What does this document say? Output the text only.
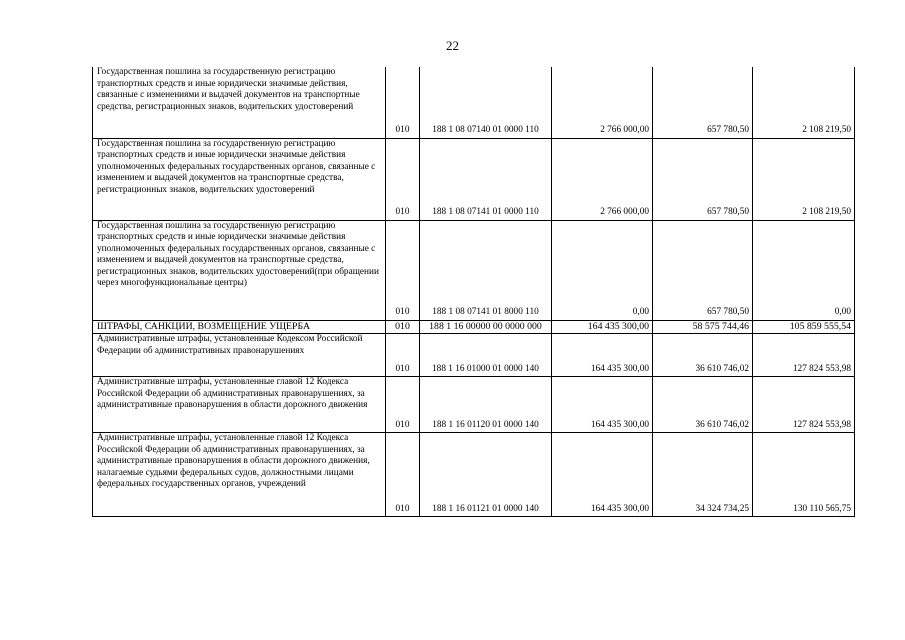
22
Государственная пошлина за государственную регистрацию транспортных средств и иные юридически значимые действия, связанные с изменениями и выдачей документов на транспортные средства, регистрационных знаков, водительских удостоверений	010	188 1 08 07140 01 0000 110	2 766 000,00	657 780,50	2 108 219,50
Государственная пошлина за государственную регистрацию транспортных средств и иные юридически значимые действия уполномоченных федеральных государственных органов, связанные с изменением и выдачей документов на транспортные средства, регистрационных знаков, водительских удостоверений	010	188 1 08 07141 01 0000 110	2 766 000,00	657 780,50	2 108 219,50
Государственная пошлина за государственную регистрацию транспортных средств и иные юридически значимые действия уполномоченных федеральных государственных органов, связанные с изменением и выдачей документов на транспортные средства, регистрационных знаков, водительских удостоверений(при обращении через многофункциональные центры)	010	188 1 08 07141 01 8000 110	0,00	657 780,50	0,00
ШТРАФЫ, САНКЦИИ, ВОЗМЕЩЕНИЕ УЩЕРБА	010	188 1 16 00000 00 0000 000	164 435 300,00	58 575 744,46	105 859 555,54
Административные штрафы, установленные Кодексом Российской Федерации об административных правонарушениях	010	188 1 16 01000 01 0000 140	164 435 300,00	36 610 746,02	127 824 553,98
Административные штрафы, установленные главой 12 Кодекса Российской Федерации об административных правонарушениях, за административные правонарушения в области дорожного движения	010	188 1 16 01120 01 0000 140	164 435 300,00	36 610 746,02	127 824 553,98
Административные штрафы, установленные главой 12 Кодекса Российской Федерации об административных правонарушениях, за административные правонарушения в области дорожного движения, налагаемые судьями федеральных судов, должностными лицами федеральных государственных органов, учреждений	010	188 1 16 01121 01 0000 140	164 435 300,00	34 324 734,25	130 110 565,75
